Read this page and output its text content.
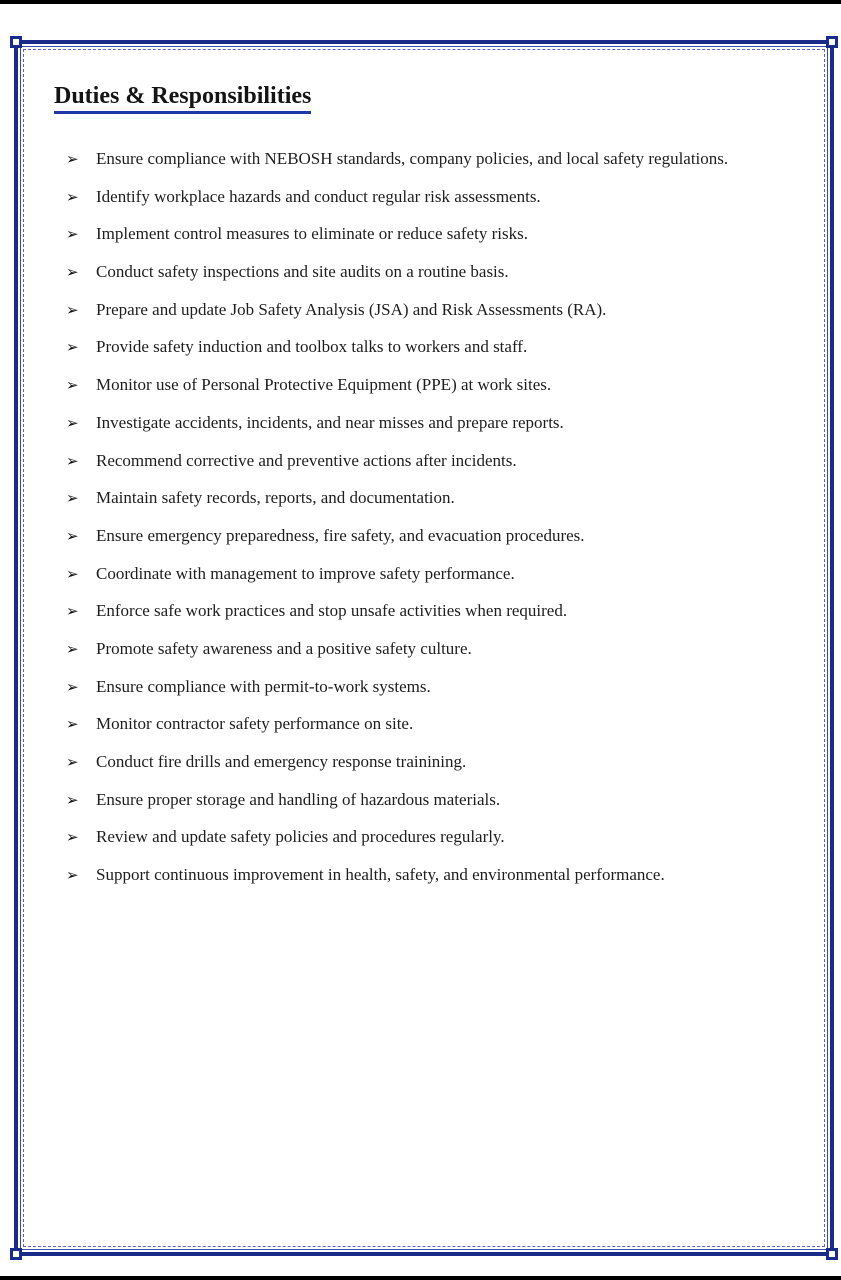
Duties & Responsibilities
➢	Ensure compliance with NEBOSH standards, company policies, and local safety regulations.
➢	Identify workplace hazards and conduct regular risk assessments.
➢	Implement control measures to eliminate or reduce safety risks.
➢	Conduct safety inspections and site audits on a routine basis.
➢	Prepare and update Job Safety Analysis (JSA) and Risk Assessments (RA).
➢	Provide safety induction and toolbox talks to workers and staff.
➢	Monitor use of Personal Protective Equipment (PPE) at work sites.
➢	Investigate accidents, incidents, and near misses and prepare reports.
➢	Recommend corrective and preventive actions after incidents.
➢	Maintain safety records, reports, and documentation.
➢	Ensure emergency preparedness, fire safety, and evacuation procedures.
➢	Coordinate with management to improve safety performance.
➢	Enforce safe work practices and stop unsafe activities when required.
➢	Promote safety awareness and a positive safety culture.
➢	Ensure compliance with permit-to-work systems.
➢	Monitor contractor safety performance on site.
➢	Conduct fire drills and emergency response trainining.
➢	Ensure proper storage and handling of hazardous materials.
➢	Review and update safety policies and procedures regularly.
➢	Support continuous improvement in health, safety, and environmental performance.
